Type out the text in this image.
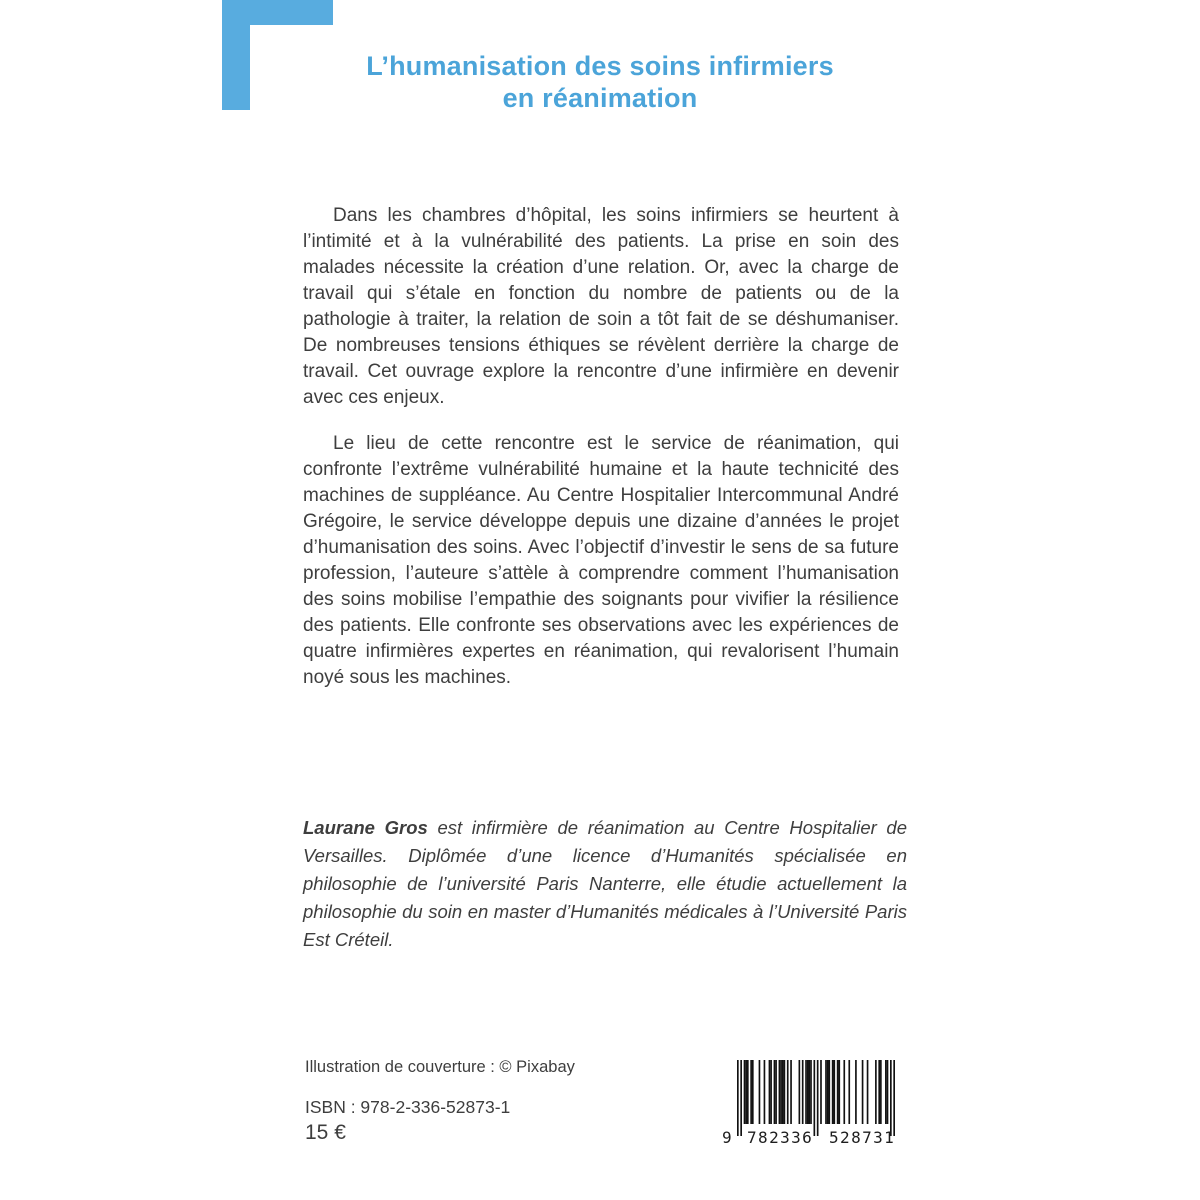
L’humanisation des soins infirmiers
en réanimation

Dans les chambres d’hôpital, les soins infirmiers se heurtent à l’intimité et à la vulnérabilité des patients. La prise en soin des malades nécessite la création d’une relation. Or, avec la charge de travail qui s’étale en fonction du nombre de patients ou de la pathologie à traiter, la relation de soin a tôt fait de se déshumaniser. De nombreuses tensions éthiques se révèlent derrière la charge de travail. Cet ouvrage explore la rencontre d’une infirmière en devenir avec ces enjeux.

Le lieu de cette rencontre est le service de réanimation, qui confronte l’extrême vulnérabilité humaine et la haute technicité des machines de suppléance. Au Centre Hospitalier Intercommunal André Grégoire, le service développe depuis une dizaine d’années le projet d’humanisation des soins. Avec l’objectif d’investir le sens de sa future profession, l’auteure s’attèle à comprendre comment l’humanisation des soins mobilise l’empathie des soignants pour vivifier la résilience des patients. Elle confronte ses observations avec les expériences de quatre infirmières expertes en réanimation, qui revalorisent l’humain noyé sous les machines.

Laurane Gros est infirmière de réanimation au Centre Hospitalier de Versailles. Diplômée d’une licence d’Humanités spécialisée en philosophie de l’université Paris Nanterre, elle étudie actuellement la philosophie du soin en master d’Humanités médicales à l’Université Paris Est Créteil.

Illustration de couverture : © Pixabay

ISBN : 978-2-336-52873-1

15 €	9 782336 528731
